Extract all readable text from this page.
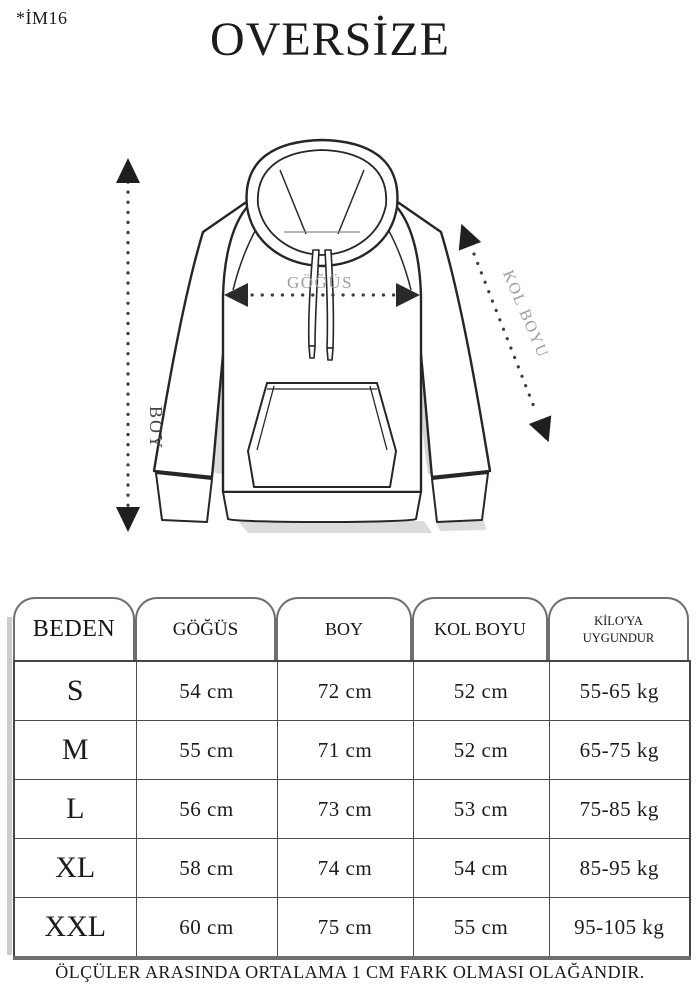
*İM16	OVERSİZE
BOY
GÖĞÜS	KOL BOYU
BEDEN	GÖĞÜS	BOY	KOL BOYU	KİLO'YA UYGUNDUR
S	54 cm	72 cm	52 cm	55-65 kg
M	55 cm	71 cm	52 cm	65-75 kg
L	56 cm	73 cm	53 cm	75-85 kg
XL	58 cm	74 cm	54 cm	85-95 kg
XXL	60 cm	75 cm	55 cm	95-105 kg
ÖLÇÜLER ARASINDA ORTALAMA 1 CM FARK OLMASI OLAĞANDIR.
